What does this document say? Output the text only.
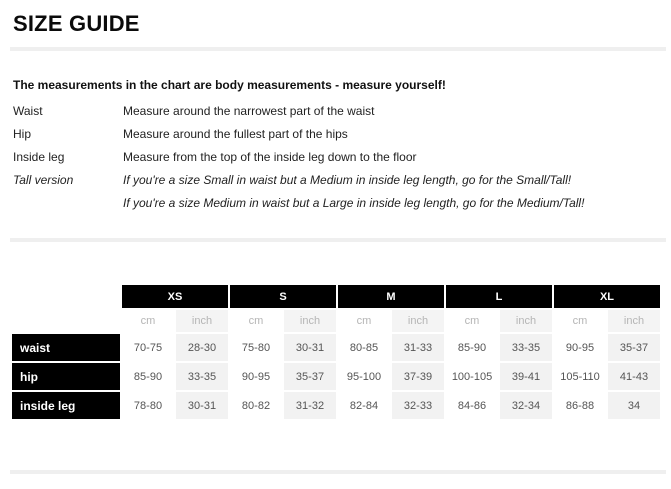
SIZE GUIDE
The measurements in the chart are body measurements - measure yourself!
Waist	Measure around the narrowest part of the waist
Hip	Measure around the fullest part of the hips
Inside leg	Measure from the top of the inside leg down to the floor
Tall version	If you're a size Small in waist but a Medium in inside leg length, go for the Small/Tall!
If you're a size Medium in waist but a Large in inside leg length, go for the Medium/Tall!
	XS		S		M		L		XL	
	cm	inch	cm	inch	cm	inch	cm	inch	cm	inch
waist	70-75	28-30	75-80	30-31	80-85	31-33	85-90	33-35	90-95	35-37
hip	85-90	33-35	90-95	35-37	95-100	37-39	100-105	39-41	105-110	41-43
inside leg	78-80	30-31	80-82	31-32	82-84	32-33	84-86	32-34	86-88	34
